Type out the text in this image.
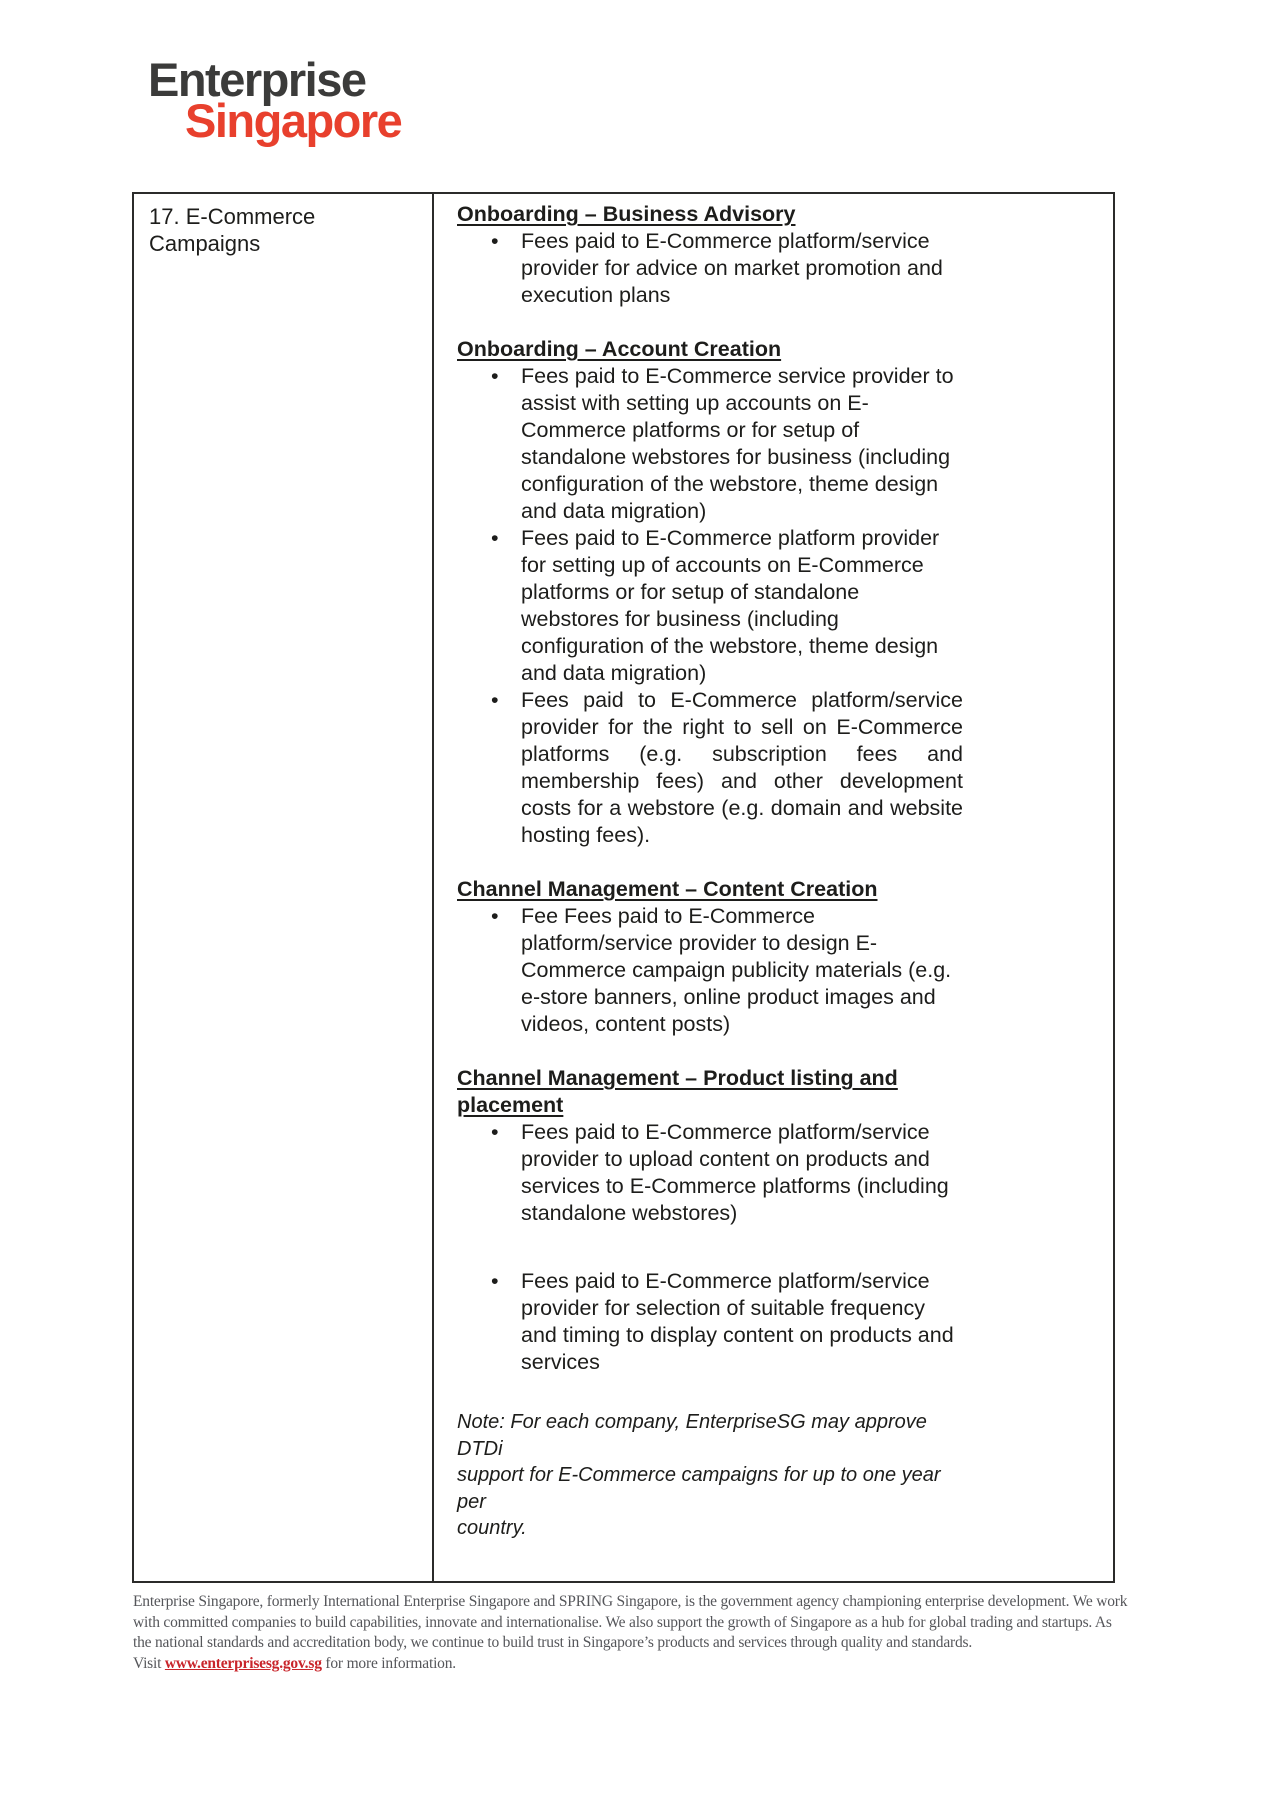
Enterprise
Singapore
17. E-Commerce Campaigns
Onboarding – Business Advisory
• Fees paid to E-Commerce platform/service provider for advice on market promotion and execution plans
Onboarding – Account Creation
• Fees paid to E-Commerce service provider to assist with setting up accounts on E-Commerce platforms or for setup of standalone webstores for business (including configuration of the webstore, theme design and data migration)
• Fees paid to E-Commerce platform provider for setting up of accounts on E-Commerce platforms or for setup of standalone webstores for business (including configuration of the webstore, theme design and data migration)
• Fees paid to E-Commerce platform/service provider for the right to sell on E-Commerce platforms (e.g. subscription fees and membership fees) and other development costs for a webstore (e.g. domain and website hosting fees).
Channel Management – Content Creation
• Fee Fees paid to E-Commerce platform/service provider to design E-Commerce campaign publicity materials (e.g. e-store banners, online product images and videos, content posts)
Channel Management – Product listing and placement
• Fees paid to E-Commerce platform/service provider to upload content on products and services to E-Commerce platforms (including standalone webstores)
• Fees paid to E-Commerce platform/service provider for selection of suitable frequency and timing to display content on products and services
Note: For each company, EnterpriseSG may approve DTDi
support for E-Commerce campaigns for up to one year per
country.
Enterprise Singapore, formerly International Enterprise Singapore and SPRING Singapore, is the government agency championing enterprise development. We work
with committed companies to build capabilities, innovate and internationalise. We also support the growth of Singapore as a hub for global trading and startups. As
the national standards and accreditation body, we continue to build trust in Singapore’s products and services through quality and standards.
Visit www.enterprisesg.gov.sg for more information.
